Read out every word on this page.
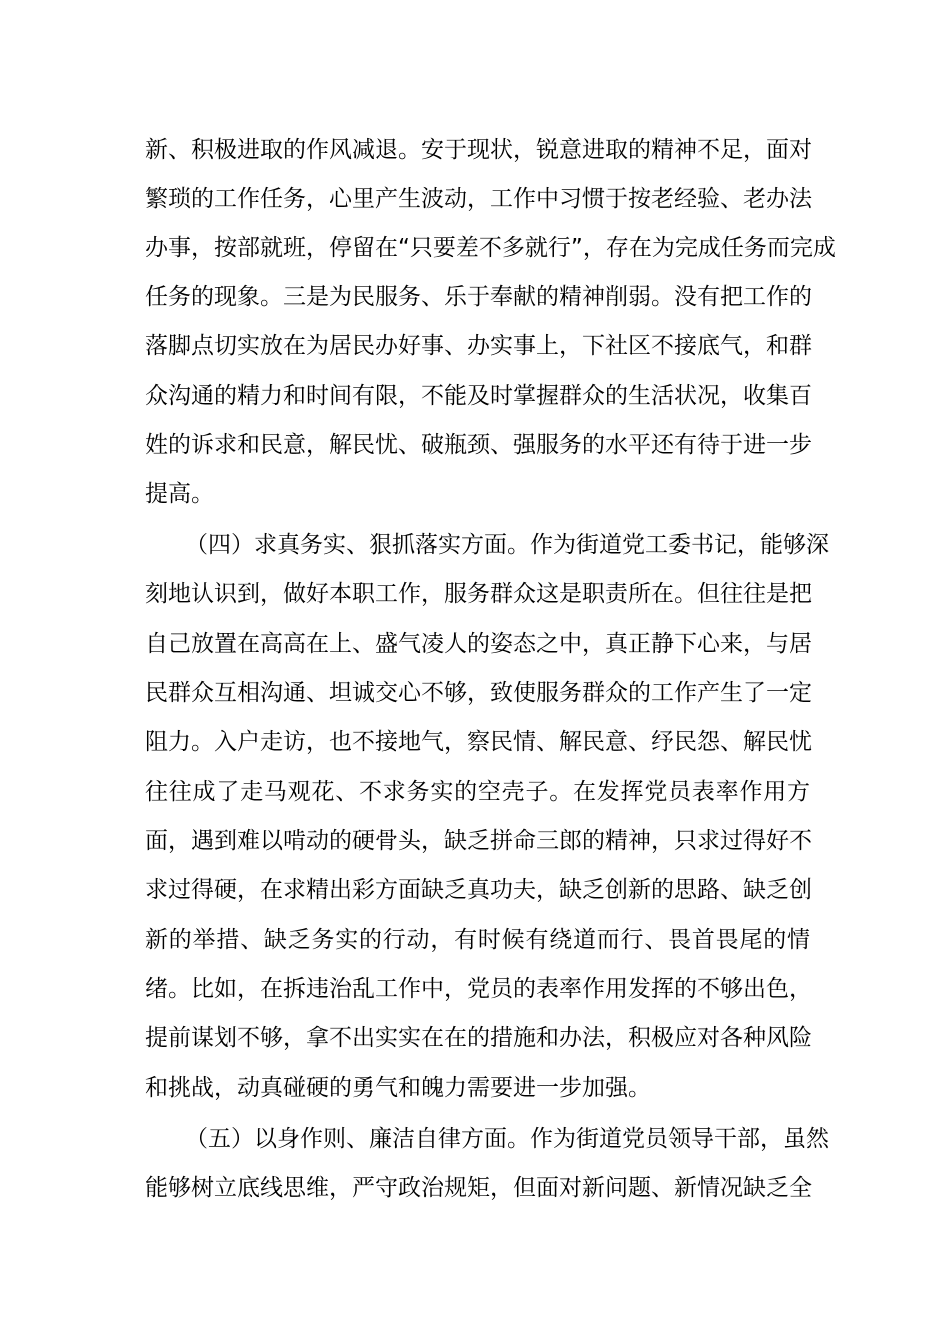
新、积极进取的作风减退。安于现状，锐意进取的精神不足，面对

繁琐的工作任务，心里产生波动，工作中习惯于按老经验、老办法

办事，按部就班，停留在“只要差不多就行”，存在为完成任务而完成

任务的现象。三是为民服务、乐于奉献的精神削弱。没有把工作的

落脚点切实放在为居民办好事、办实事上，下社区不接底气，和群

众沟通的精力和时间有限，不能及时掌握群众的生活状况，收集百

姓的诉求和民意，解民忧、破瓶颈、强服务的水平还有待于进一步

提高。

（四）求真务实、狠抓落实方面。作为街道党工委书记，能够深

刻地认识到，做好本职工作，服务群众这是职责所在。但往往是把

自己放置在高高在上、盛气凌人的姿态之中，真正静下心来，与居

民群众互相沟通、坦诚交心不够，致使服务群众的工作产生了一定

阻力。入户走访，也不接地气，察民情、解民意、纾民怨、解民忧

往往成了走马观花、不求务实的空壳子。在发挥党员表率作用方

面，遇到难以啃动的硬骨头，缺乏拼命三郎的精神，只求过得好不

求过得硬，在求精出彩方面缺乏真功夫，缺乏创新的思路、缺乏创

新的举措、缺乏务实的行动，有时候有绕道而行、畏首畏尾的情

绪。比如，在拆违治乱工作中，党员的表率作用发挥的不够出色，

提前谋划不够，拿不出实实在在的措施和办法，积极应对各种风险

和挑战，动真碰硬的勇气和魄力需要进一步加强。

（五）以身作则、廉洁自律方面。作为街道党员领导干部，虽然

能够树立底线思维，严守政治规矩，但面对新问题、新情况缺乏全
